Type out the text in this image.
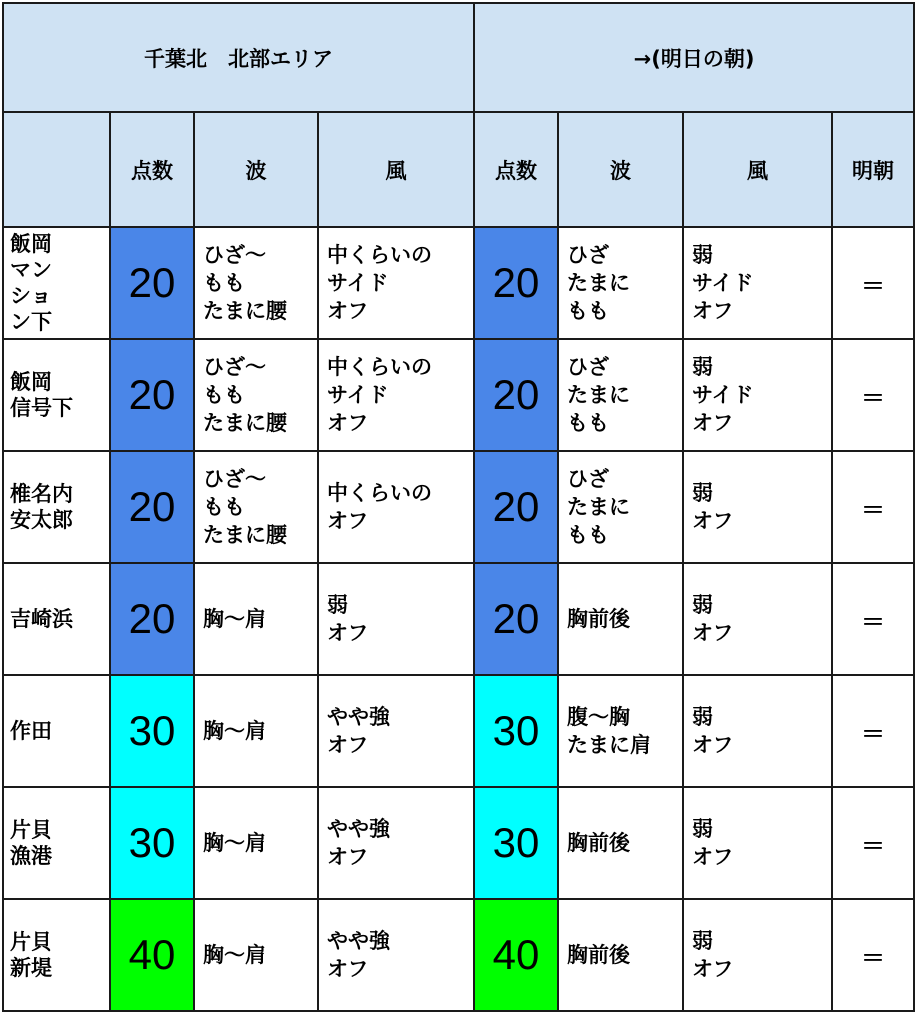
千葉北　北部エリア				→(明日の朝)			
	点数	波	風	点数	波	風	明朝
飯岡
マン
ショ
ン下	20	ひざ～
もも
たまに腰	中くらいの
サイド
オフ	20	ひざ
たまに
もも	弱
サイド
オフ	＝
飯岡
信号下	20	ひざ～
もも
たまに腰	中くらいの
サイド
オフ	20	ひざ
たまに
もも	弱
サイド
オフ	＝
椎名内
安太郎	20	ひざ～
もも
たまに腰	中くらいの
オフ	20	ひざ
たまに
もも	弱
オフ	＝
吉崎浜	20	胸～肩	弱
オフ	20	胸前後	弱
オフ	＝
作田	30	胸～肩	やや強
オフ	30	腹～胸
たまに肩	弱
オフ	＝
片貝
漁港	30	胸～肩	やや強
オフ	30	胸前後	弱
オフ	＝
片貝
新堤	40	胸～肩	やや強
オフ	40	胸前後	弱
オフ	＝
